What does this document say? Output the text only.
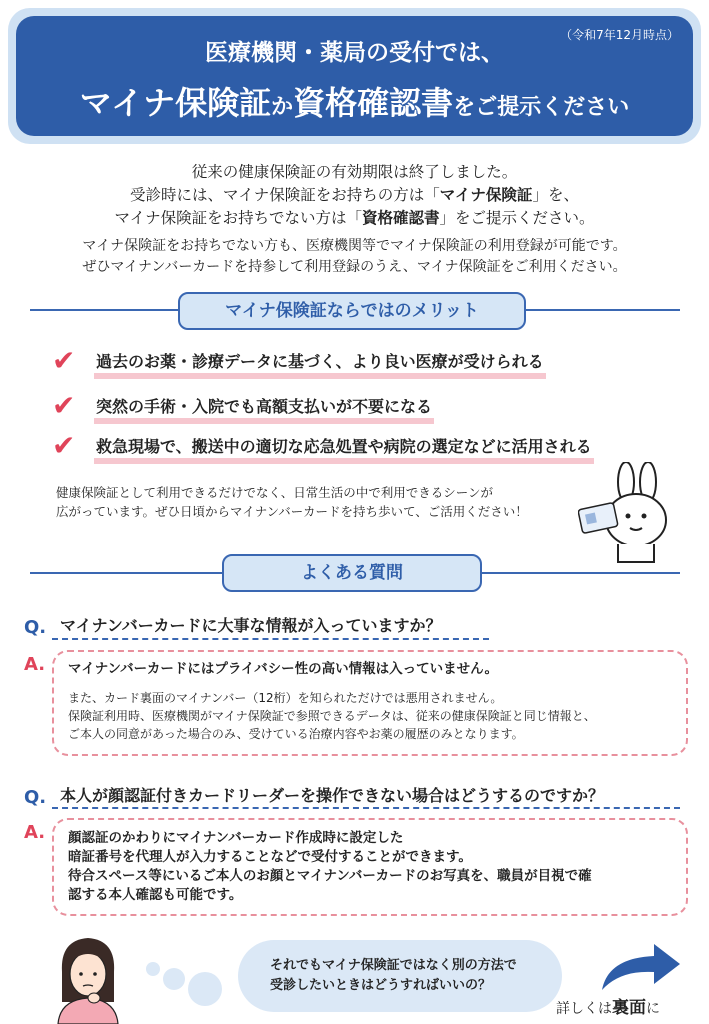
（令和7年12月時点）
医療機関・薬局の受付では、
マイナ保険証か資格確認書をご提示ください
従来の健康保険証の有効期限は終了しました。
受診時には、マイナ保険証をお持ちの方は「マイナ保険証」を、
マイナ保険証をお持ちでない方は「資格確認書」をご提示ください。
マイナ保険証をお持ちでない方も、医療機関等でマイナ保険証の利用登録が可能です。
ぜひマイナンバーカードを持参して利用登録のうえ、マイナ保険証をご利用ください。
マイナ保険証ならではのメリット
✔ 過去のお薬・診療データに基づく、より良い医療が受けられる
✔ 突然の手術・入院でも高額支払いが不要になる
✔ 救急現場で、搬送中の適切な応急処置や病院の選定などに活用される
健康保険証として利用できるだけでなく、日常生活の中で利用できるシーンが
広がっています。ぜひ日頃からマイナンバーカードを持ち歩いて、ご活用ください！
よくある質問
Q. マイナンバーカードに大事な情報が入っていますか？
A. マイナンバーカードにはプライバシー性の高い情報は入っていません。
また、カード裏面のマイナンバー（12桁）を知られただけでは悪用されません。
保険証利用時、医療機関がマイナ保険証で参照できるデータは、従来の健康保険証と同じ情報と、
ご本人の同意があった場合のみ、受けている治療内容やお薬の履歴のみとなります。
Q. 本人が顔認証付きカードリーダーを操作できない場合はどうするのですか？
A. 顔認証のかわりにマイナンバーカード作成時に設定した
暗証番号を代理人が入力することなどで受付することができます。
待合スペース等にいるご本人のお顔とマイナンバーカードのお写真を、職員が目視で確
認する本人確認も可能です。
それでもマイナ保険証ではなく別の方法で
受診したいときはどうすればいいの？
詳しくは裏面に
